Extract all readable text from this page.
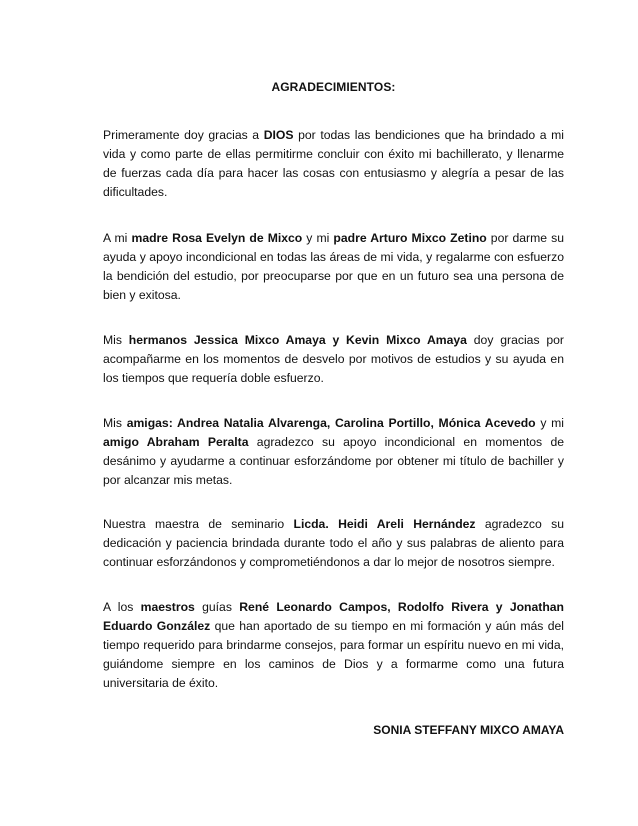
AGRADECIMIENTOS:

Primeramente doy gracias a DIOS por todas las bendiciones que ha brindado a mi vida y como parte de ellas permitirme concluir con éxito mi bachillerato, y llenarme de fuerzas cada día para hacer las cosas con entusiasmo y alegría a pesar de las dificultades.

A mi madre Rosa Evelyn de Mixco y mi padre Arturo Mixco Zetino por darme su ayuda y apoyo incondicional en todas las áreas de mi vida, y regalarme con esfuerzo la bendición del estudio, por preocuparse por que en un futuro sea una persona de bien y exitosa.

Mis hermanos Jessica Mixco Amaya y Kevin Mixco Amaya doy gracias por acompañarme en los momentos de desvelo por motivos de estudios y su ayuda en los tiempos que requería doble esfuerzo.

Mis amigas: Andrea Natalia Alvarenga, Carolina Portillo, Mónica Acevedo y mi amigo Abraham Peralta agradezco su apoyo incondicional en momentos de desánimo y ayudarme a continuar esforzándome por obtener mi título de bachiller y por alcanzar mis metas.

Nuestra maestra de seminario Licda. Heidi Areli Hernández agradezco su dedicación y paciencia brindada durante todo el año y sus palabras de aliento para continuar esforzándonos y comprometiéndonos a dar lo mejor de nosotros siempre.

A los maestros guías René Leonardo Campos, Rodolfo Rivera y Jonathan Eduardo González que han aportado de su tiempo en mi formación y aún más del tiempo requerido para brindarme consejos, para formar un espíritu nuevo en mi vida, guiándome siempre en los caminos de Dios y a formarme como una futura universitaria de éxito.

SONIA STEFFANY MIXCO AMAYA
